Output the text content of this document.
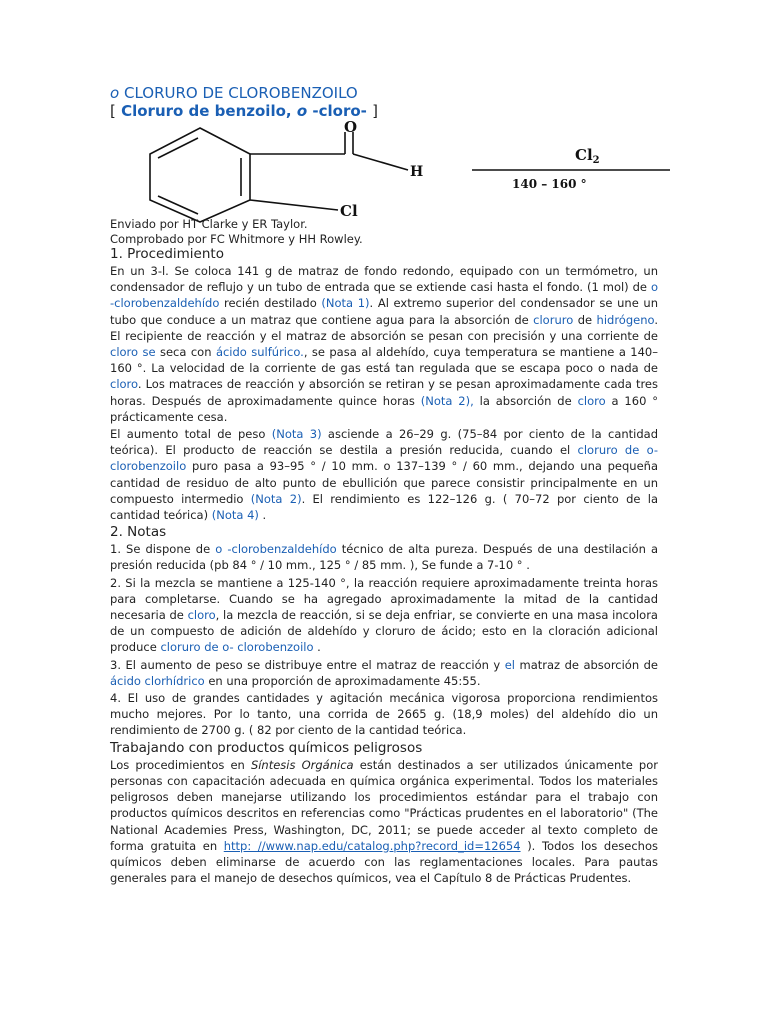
o CLORURO DE CLOROBENZOILO

[ Cloruro de benzoilo, o -cloro- ]

O
H
Cl
$Cl_2$
140 – 160 °
Enviado por HT Clarke y ER Taylor.
Comprobado por FC Whitmore y HH Rowley.
1. Procedimiento

En un 3-l. Se coloca 141 g de matraz de fondo redondo, equipado con un termómetro, un condensador de reflujo y un tubo de entrada que se extiende casi hasta el fondo. (1 mol) de o -clorobenzaldehído recién destilado (Nota 1). Al extremo superior del condensador se une un tubo que conduce a un matraz que contiene agua para la absorción de cloruro de hidrógeno. El recipiente de reacción y el matraz de absorción se pesan con precisión y una corriente de cloro se seca con ácido sulfúrico., se pasa al aldehído, cuya temperatura se mantiene a 140–160 °. La velocidad de la corriente de gas está tan regulada que se escapa poco o nada de cloro. Los matraces de reacción y absorción se retiran y se pesan aproximadamente cada tres horas. Después de aproximadamente quince horas (Nota 2), la absorción de cloro a 160 ° prácticamente cesa.

El aumento total de peso (Nota 3) asciende a 26–29 g. (75–84 por ciento de la cantidad teórica). El producto de reacción se destila a presión reducida, cuando el cloruro de o- clorobenzoilo puro pasa a 93–95 ° / 10 mm. o 137–139 ° / 60 mm., dejando una pequeña cantidad de residuo de alto punto de ebullición que parece consistir principalmente en un compuesto intermedio (Nota 2). El rendimiento es 122–126 g. ( 70–72 por ciento de la cantidad teórica) (Nota 4) .

2. Notas

1. Se dispone de o -clorobenzaldehído técnico de alta pureza. Después de una destilación a presión reducida (pb 84 ° / 10 mm., 125 ° / 85 mm. ), Se funde a 7-10 ° .

2. Si la mezcla se mantiene a 125-140 °, la reacción requiere aproximadamente treinta horas para completarse. Cuando se ha agregado aproximadamente la mitad de la cantidad necesaria de cloro, la mezcla de reacción, si se deja enfriar, se convierte en una masa incolora de un compuesto de adición de aldehído y cloruro de ácido; esto en la cloración adicional produce cloruro de o- clorobenzoilo .

3. El aumento de peso se distribuye entre el matraz de reacción y el matraz de absorción de ácido clorhídrico en una proporción de aproximadamente 45:55.

4. El uso de grandes cantidades y agitación mecánica vigorosa proporciona rendimientos mucho mejores. Por lo tanto, una corrida de 2665 g. (18,9 moles) del aldehído dio un rendimiento de 2700 g. ( 82 por ciento de la cantidad teórica.

Trabajando con productos químicos peligrosos

Los procedimientos en Síntesis Orgánica están destinados a ser utilizados únicamente por personas con capacitación adecuada en química orgánica experimental. Todos los materiales peligrosos deben manejarse utilizando los procedimientos estándar para el trabajo con productos químicos descritos en referencias como "Prácticas prudentes en el laboratorio" (The National Academies Press, Washington, DC, 2011; se puede acceder al texto completo de forma gratuita en http: //www.nap.edu/catalog.php?record_id=12654 ). Todos los desechos químicos deben eliminarse de acuerdo con las reglamentaciones locales. Para pautas generales para el manejo de desechos químicos, vea el Capítulo 8 de Prácticas Prudentes.
